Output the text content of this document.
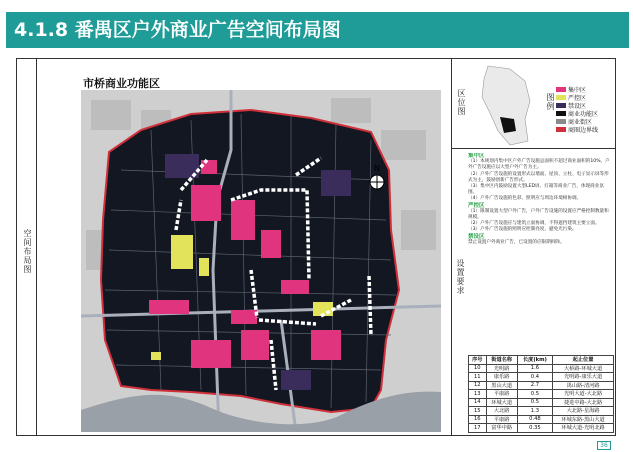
4.1.8 番禺区户外商业广告空间布局图
空间布局图
市桥商业功能区
N
区位图	图例
集中区
严控区
禁设区
商业功能区
商业街区
商圈边界线
设置要求
集中区
（1）本规划内集中区户外广告设施总面积不超过商业面积的10%，户外广告设施应以大型户外广告为主。
（2）户外广告设施的设置形式以墙面、屋顶、立柱、电子显示屏等形式为主，鼓励创新广告形式。
（3）集中区内鼓励设置大型LED屏、灯箱等商业广告，体现商业氛围。
（4）户外广告设施的色彩、照明应与周边环境相协调。
严控区
（1）限制设置大型户外广告，户外广告设施的设置应严格控制数量和规模。
（2）户外广告设施应与建筑立面协调，不得遮挡建筑主要立面。
（3）户外广告设施的照明应控制亮度，避免光污染。
禁设区
禁止设置户外商业广告，已设置的应限期拆除。
序号	街道名称	长度(km)	起止位置
10	光明路	1.6	大桥路-环城大道
11	康乐路	0.4	光明路-康乐大道
12	黑山大道	2.7	禺山路-清河路
13	平康路	0.5	光明大道-大北路
14	环城大道	0.5	捷进中路-大北路
15	大北路	1.3	大北路-星海路
16	平康路	0.48	环城东路-黑山大道
17	富华中路	0.35	环城大道-光明北路
36
